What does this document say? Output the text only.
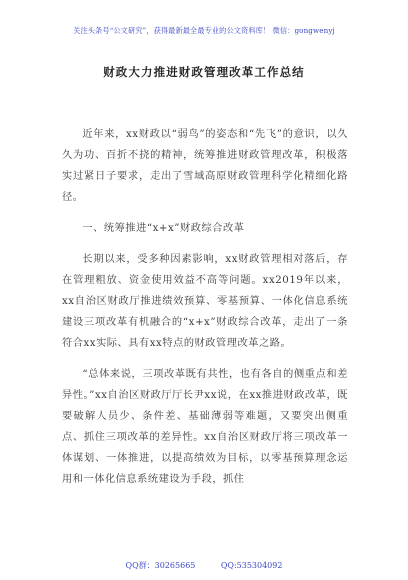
关注头条号“公文研究”，获得最新最全最专业的公文资料库！ 微信：gongwenyj
财政大力推进财政管理改革工作总结

近年来，xx财政以“弱鸟”的姿态和“先飞”的意识，以久久为功、百折不挠的精神，统筹推进财政管理改革，积极落实过紧日子要求，走出了雪域高原财政管理科学化精细化路径。

一、统筹推进“x+x”财政综合改革

长期以来，受多种因素影响，xx财政管理相对落后，存在管理粗放、资金使用效益不高等问题。xx2019年以来，xx自治区财政厅推进绩效预算、零基预算、一体化信息系统建设三项改革有机融合的“x+x”财政综合改革，走出了一条符合xx实际、具有xx特点的财政管理改革之路。

“总体来说，三项改革既有共性，也有各自的侧重点和差异性。”xx自治区财政厅厅长尹xx说，在xx推进财政改革，既要破解人员少、条件差、基础薄弱等难题，又要突出侧重点、抓住三项改革的差异性。xx自治区财政厅将三项改革一体谋划、一体推进，以提高绩效为目标，以零基预算理念运用和一体化信息系统建设为手段，抓住

QQ群：30265665	QQ:535304092
